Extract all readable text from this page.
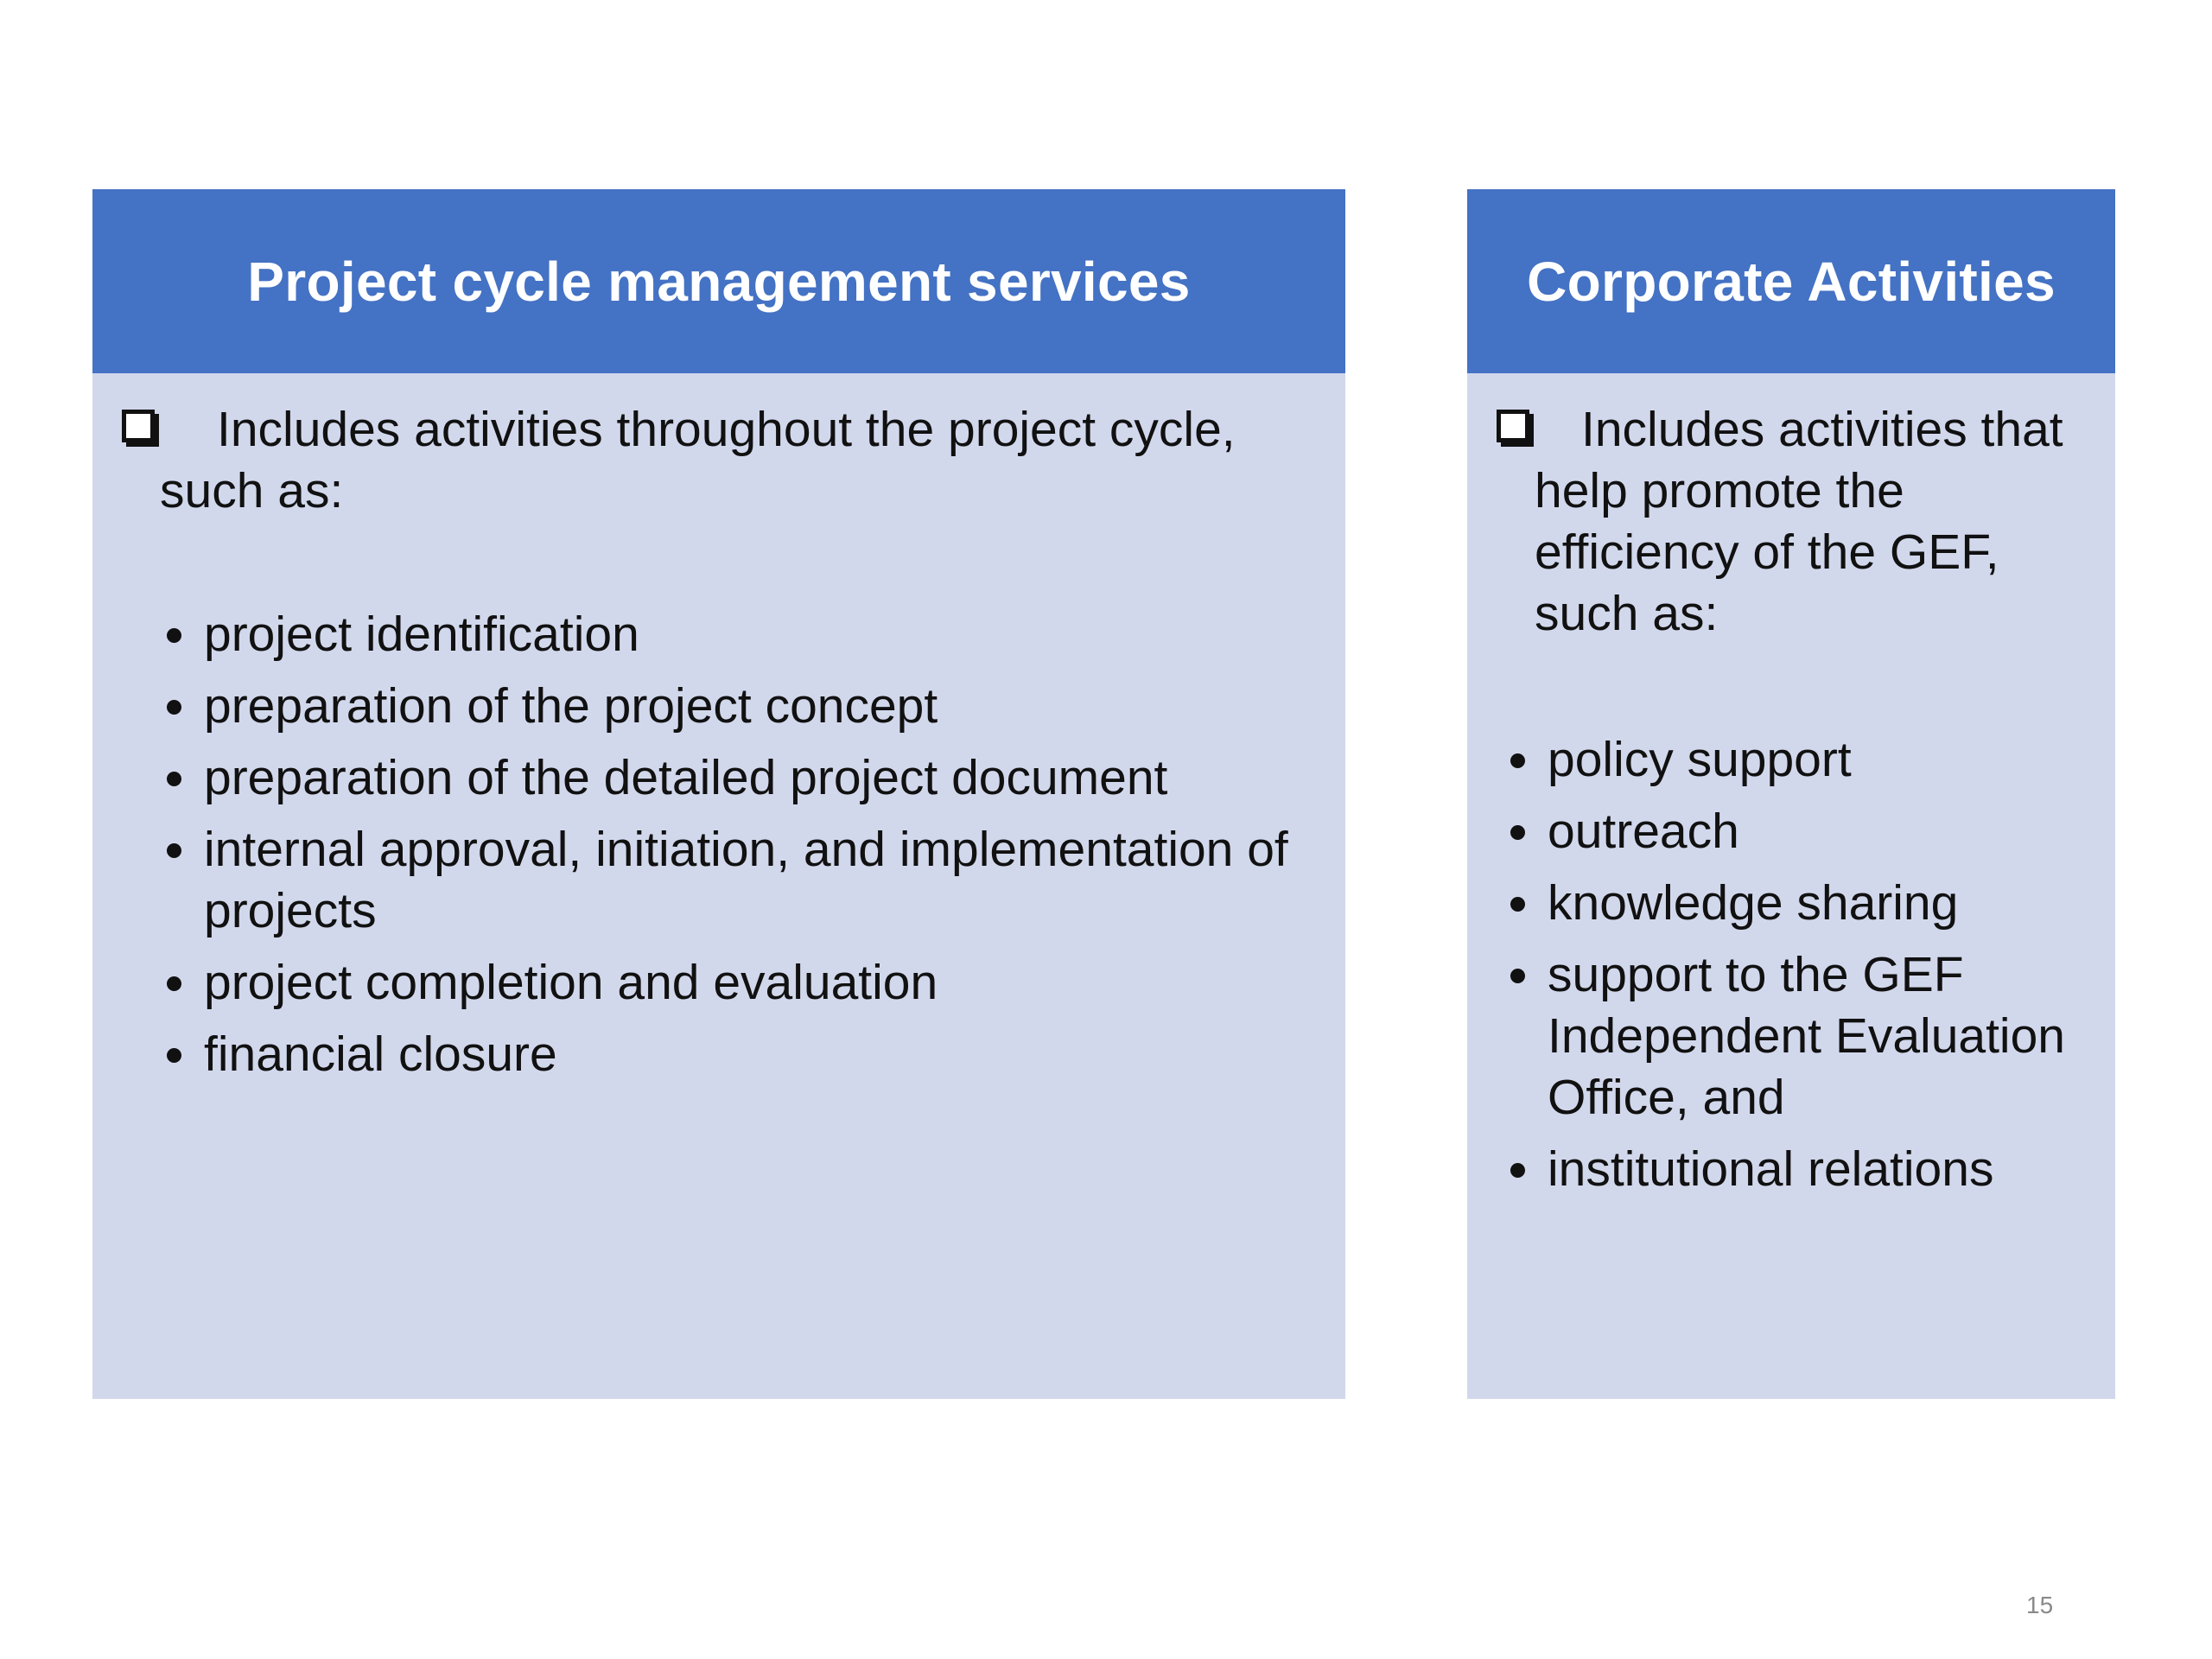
Project cycle management services

Includes activities throughout the project cycle, such as:

project identification
preparation of the project concept
preparation of the detailed project document
internal approval, initiation, and implementation of projects
project completion and evaluation
financial closure
Corporate Activities

Includes activities that help promote the efficiency of the GEF, such as:

policy support
outreach
knowledge sharing
support to the GEF Independent Evaluation Office, and
institutional relations
15
